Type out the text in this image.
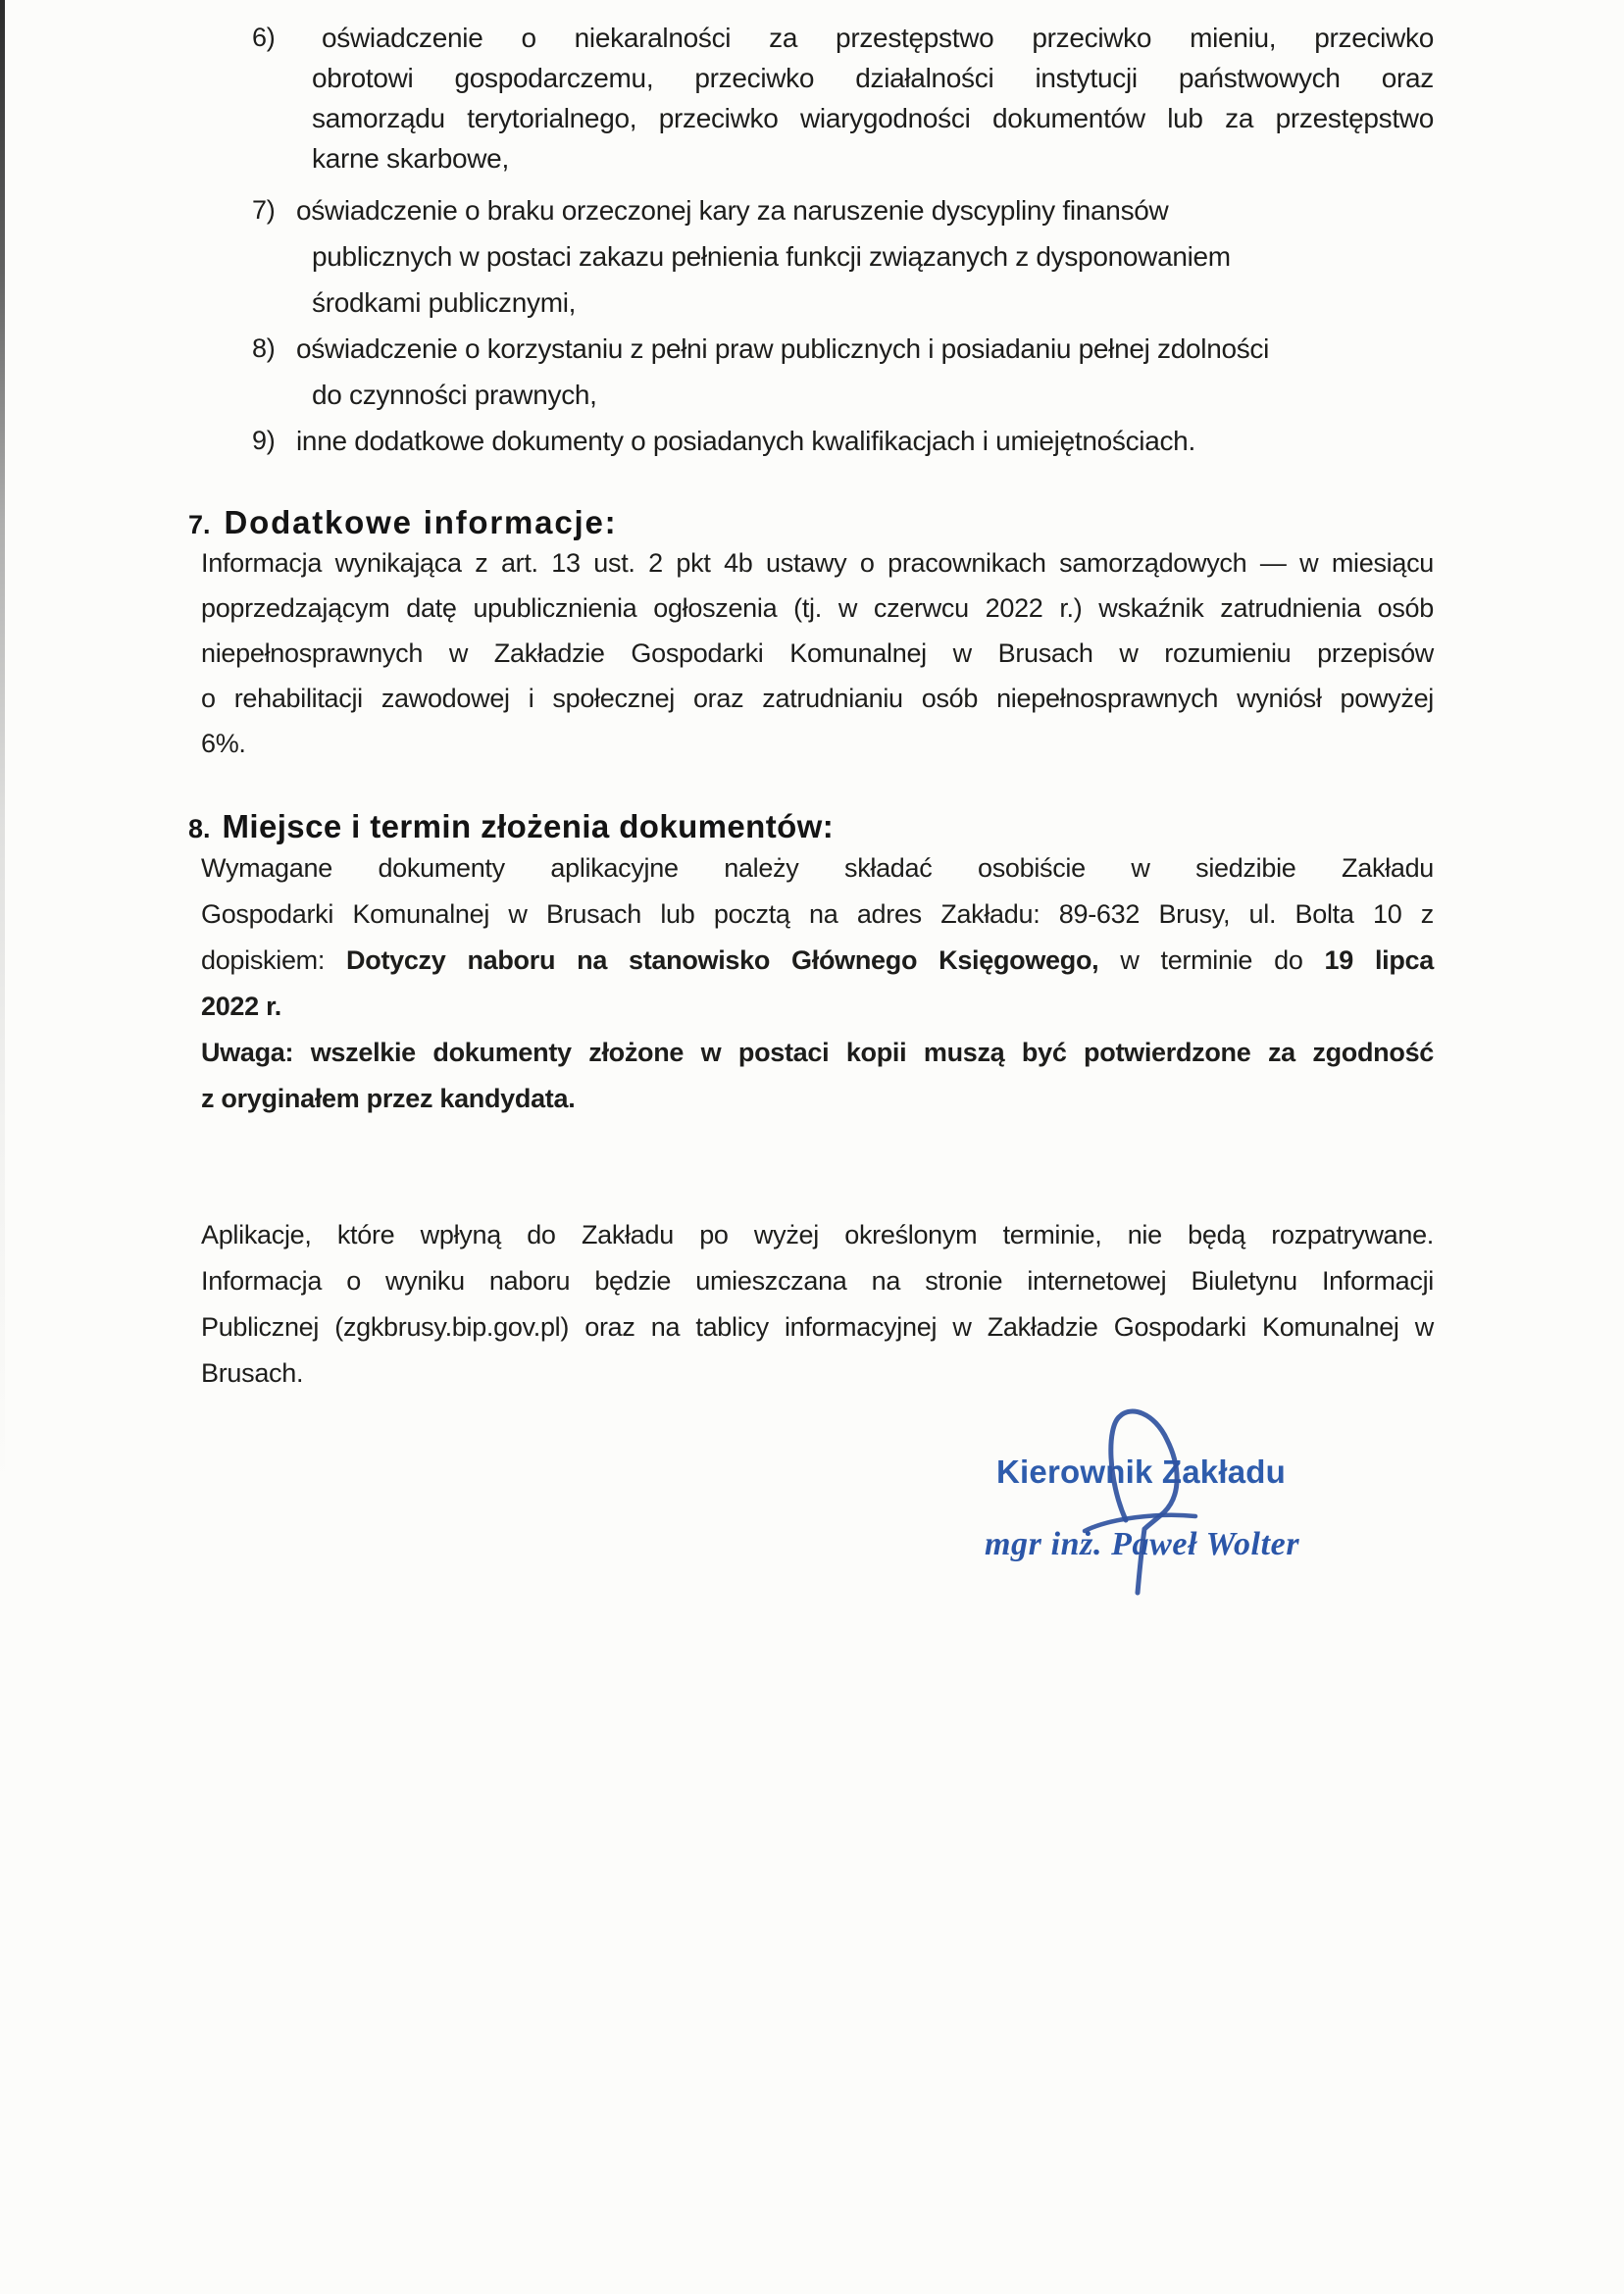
6) oświadczenie o niekaralności za przestępstwo przeciwko mieniu, przeciwko
obrotowi gospodarczemu, przeciwko działalności instytucji państwowych oraz
samorządu terytorialnego, przeciwko wiarygodności dokumentów lub za przestępstwo
karne skarbowe,
7) oświadczenie o braku orzeczonej kary za naruszenie dyscypliny finansów
publicznych w postaci zakazu pełnienia funkcji związanych z dysponowaniem
środkami publicznymi,
8) oświadczenie o korzystaniu z pełni praw publicznych i posiadaniu pełnej zdolności
do czynności prawnych,
9) inne dodatkowe dokumenty o posiadanych kwalifikacjach i umiejętnościach.
7. Dodatkowe informacje:
Informacja wynikająca z art. 13 ust. 2 pkt 4b ustawy o pracownikach samorządowych — w miesiącu
poprzedzającym datę upublicznienia ogłoszenia (tj. w czerwcu 2022 r.) wskaźnik zatrudnienia osób
niepełnosprawnych w Zakładzie Gospodarki Komunalnej w Brusach w rozumieniu przepisów
o rehabilitacji zawodowej i społecznej oraz zatrudnianiu osób niepełnosprawnych wyniósł powyżej
6%.
8. Miejsce i termin złożenia dokumentów:
Wymagane dokumenty aplikacyjne należy składać osobiście w siedzibie Zakładu
Gospodarki Komunalnej w Brusach lub pocztą na adres Zakładu: 89-632 Brusy, ul. Bolta 10 z
dopiskiem: Dotyczy naboru na stanowisko Głównego Księgowego, w terminie do 19 lipca
2022 r.
Uwaga: wszelkie dokumenty złożone w postaci kopii muszą być potwierdzone za zgodność
z oryginałem przez kandydata.
Aplikacje, które wpłyną do Zakładu po wyżej określonym terminie, nie będą rozpatrywane.
Informacja o wyniku naboru będzie umieszczana na stronie internetowej Biuletynu Informacji
Publicznej (zgkbrusy.bip.gov.pl) oraz na tablicy informacyjnej w Zakładzie Gospodarki Komunalnej w
Brusach.
Kierownik Zakładu
mgr inż. Paweł Wolter
